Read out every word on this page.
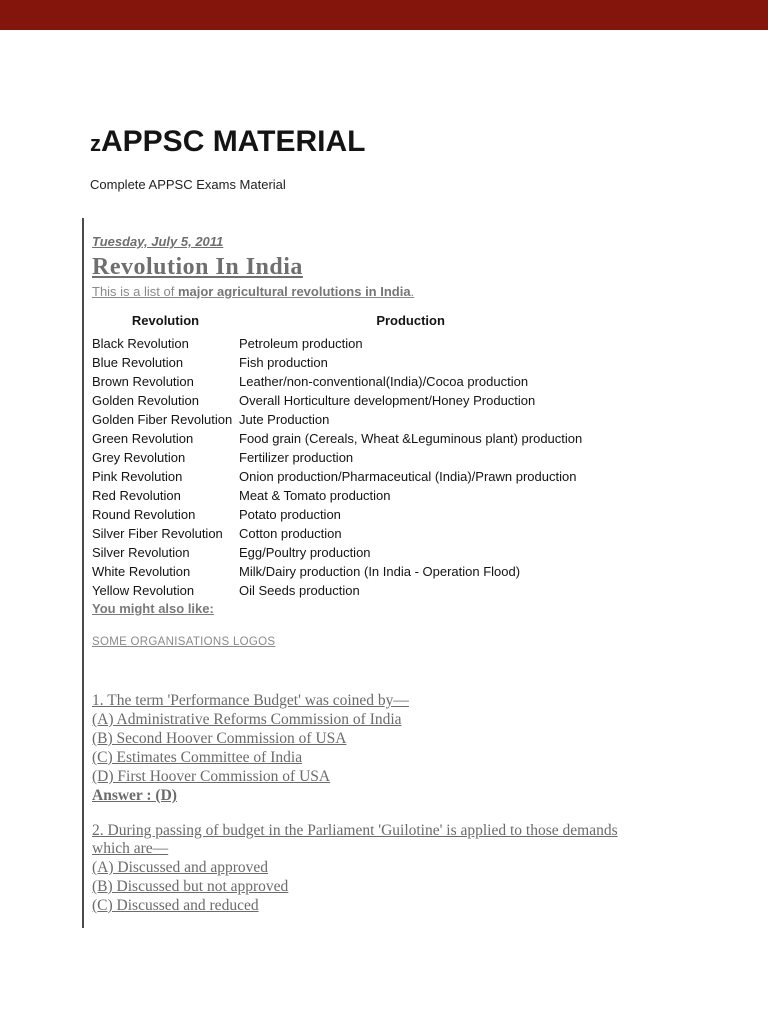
zAPPSC MATERIAL
Complete APPSC Exams Material
Tuesday, July 5, 2011
Revolution In India
This is a list of major agricultural revolutions in India.
Revolution	Production
Black Revolution	Petroleum production
Blue Revolution	Fish production
Brown Revolution	Leather/non-conventional(India)/Cocoa production
Golden Revolution	Overall Horticulture development/Honey Production
Golden Fiber Revolution	Jute Production
Green Revolution	Food grain (Cereals, Wheat &Leguminous plant) production
Grey Revolution	Fertilizer production
Pink Revolution	Onion production/Pharmaceutical (India)/Prawn production
Red Revolution	Meat & Tomato production
Round Revolution	Potato production
Silver Fiber Revolution	Cotton production
Silver Revolution	Egg/Poultry production
White Revolution	Milk/Dairy production (In India - Operation Flood)
Yellow Revolution	Oil Seeds production
You might also like:
SOME ORGANISATIONS LOGOS
1. The term 'Performance Budget' was coined by—
(A) Administrative Reforms Commission of India
(B) Second Hoover Commission of USA
(C) Estimates Committee of India
(D) First Hoover Commission of USA
Answer : (D)
2. During passing of budget in the Parliament 'Guilotine' is applied to those demands which are—
(A) Discussed and approved
(B) Discussed but not approved
(C) Discussed and reduced
